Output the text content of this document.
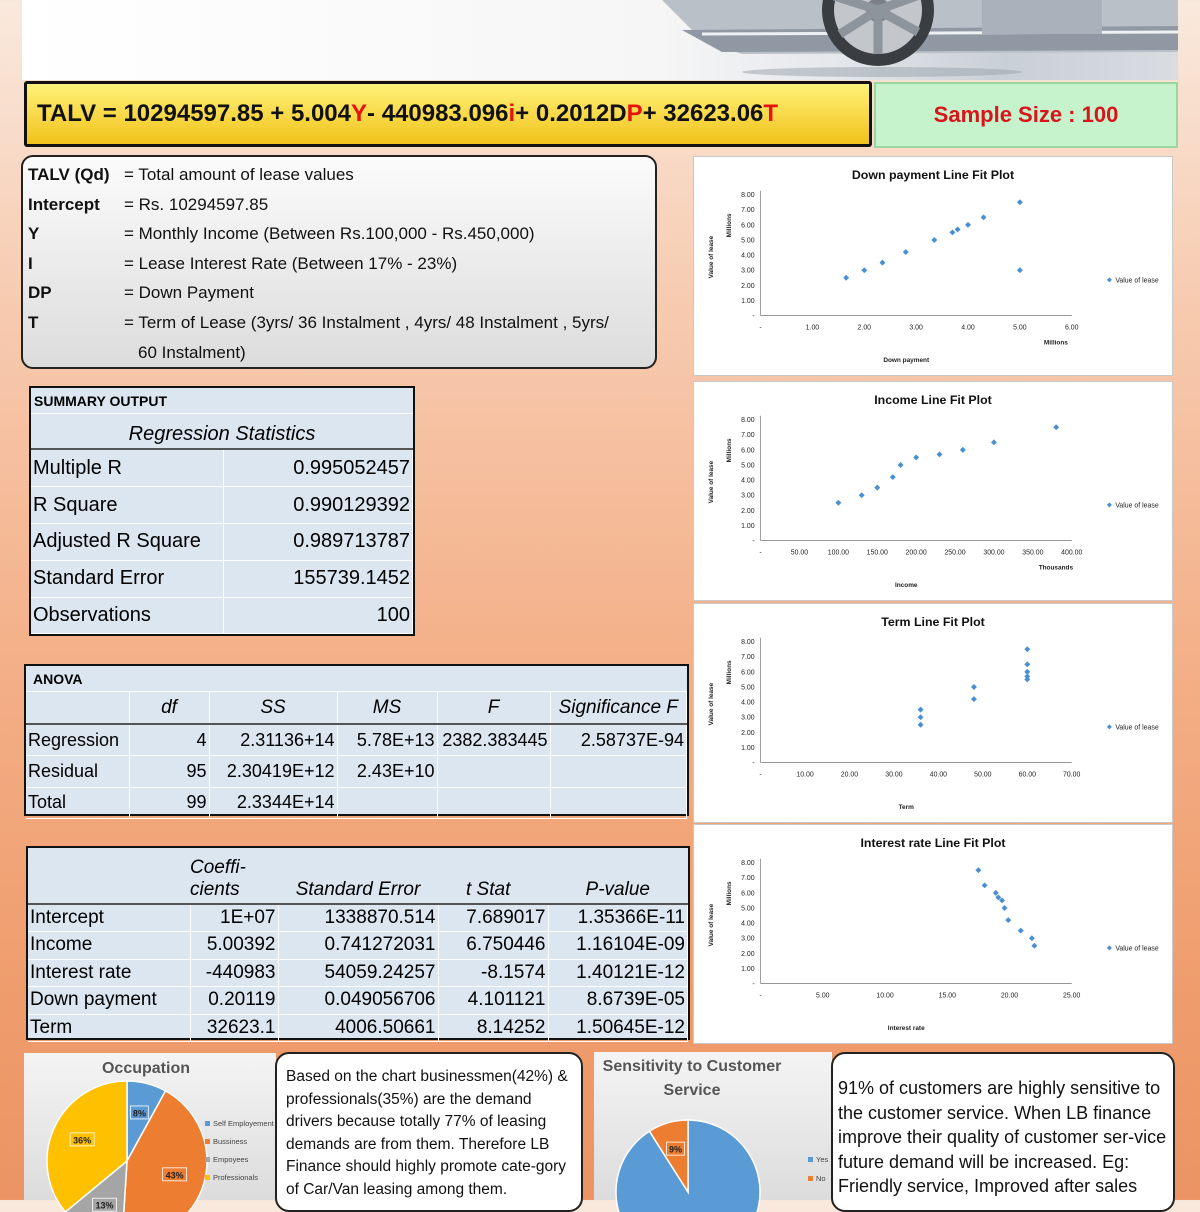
TALV = 10294597.85 + 5.004 Y - 440983.096 i + 0.2012D P + 32623.06 T	Sample Size : 100
TALV (Qd) = Total amount of lease values
Intercept	= Rs. 10294597.85
Y	= Monthly Income (Between Rs.100,000 - Rs.450,000)
I	= Lease Interest Rate (Between 17% - 23%)
DP	= Down Payment
T	= Term of Lease (3yrs/ 36 Instalment , 4yrs/ 48 Instalment , 5yrs/
60 Instalment)
SUMMARY OUTPUT
Regression Statistics
Multiple R	0.995052457
R Square	0.990129392
Adjusted R Square	0.989713787
Standard Error	155739.1452
Observations	100
ANOVA
	df	SS	MS	F	Significance F
Regression	4	2.31136+14	5.78E+13	2382.383445	2.58737E-94
Residual	95	2.30419E+12	2.43E+10		
Total	99	2.3344E+14			
	Coeffi-
cients	Standard Error	t Stat	P-value
Intercept	1E+07	1338870.514	7.689017	1.35366E-11
Income	5.00392	0.741272031	6.750446	1.16104E-09
Interest rate	-440983	54059.24257	-8.1574	1.40121E-12
Down payment	0.20119	0.049056706	4.101121	8.6739E-05
Term	32623.1	4006.50661	8.14252	1.50645E-12
Down payment Line Fit Plot
-
1.00
2.00
3.00
4.00
5.00
6.00
7.00
8.00
-	1.00	2.00	3.00	4.00	5.00	6.00
Millions
Millions
Value of lease
Down payment
Value of lease
Income Line Fit Plot
-
1.00
2.00
3.00
4.00
5.00
6.00
7.00
8.00
-	50.00	100.00	150.00	200.00	250.00	300.00	350.00	400.00
Thousands
Millions
Value of lease
Income
Value of lease
Term Line Fit Plot
-
1.00
2.00
3.00
4.00
5.00
6.00
7.00
8.00
-	10.00	20.00	30.00	40.00	50.00	60.00	70.00
Millions
Value of lease
Term
Value of lease
Interest rate Line Fit Plot
-
1.00
2.00
3.00
4.00
5.00
6.00
7.00
8.00
-	5.00	10.00	15.00	20.00	25.00
Millions
Value of lease
Interest rate
Value of lease
Occupation
8%
43%
13%
36%
Self Employement
Bussiness
Empoyees
Professionals
Based on the chart businessmen(42%) & professionals(35%) are the demand drivers because totally 77% of leasing demands are from them. Therefore LB Finance should highly promote cate-gory of Car/Van leasing among them.
Sensitivity to Customer
Service
9%
Yes
No
91% of customers are highly sensitive to the customer service. When LB finance improve their quality of customer ser-vice future demand will be increased. Eg: Friendly service, Improved after sales
